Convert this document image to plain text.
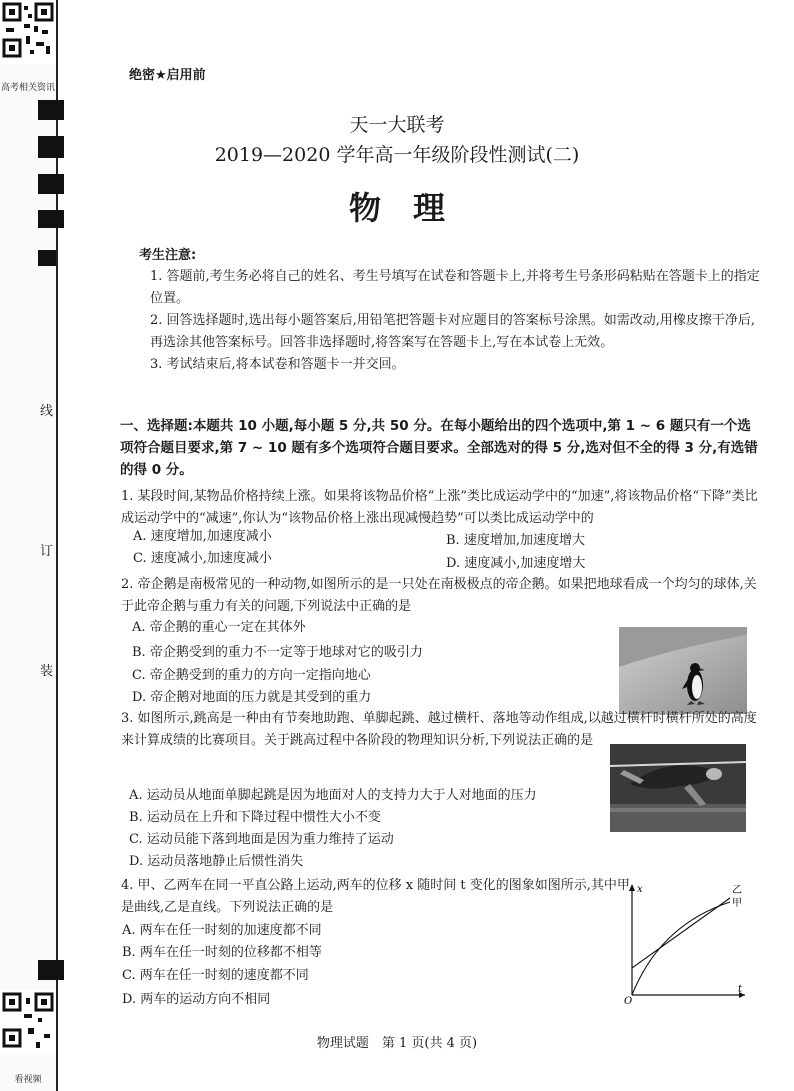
高考相关资讯
线
订
装
看视频
绝密★启用前
天一大联考
2019—2020 学年高一年级阶段性测试(二)
物　理
考生注意:
1. 答题前,考生务必将自己的姓名、考生号填写在试卷和答题卡上,并将考生号条形码粘贴在答题卡上的指定位置。
2. 回答选择题时,选出每小题答案后,用铅笔把答题卡对应题目的答案标号涂黑。如需改动,用橡皮擦干净后,再选涂其他答案标号。回答非选择题时,将答案写在答题卡上,写在本试卷上无效。
3. 考试结束后,将本试卷和答题卡一并交回。
一、选择题:本题共 10 小题,每小题 5 分,共 50 分。在每小题给出的四个选项中,第 1 ~ 6 题只有一个选项符合题目要求,第 7 ~ 10 题有多个选项符合题目要求。全部选对的得 5 分,选对但不全的得 3 分,有选错的得 0 分。
1. 某段时间,某物品价格持续上涨。如果将该物品价格“上涨”类比成运动学中的“加速”,将该物品价格“下降”类比成运动学中的“减速”,你认为“该物品价格上涨出现减慢趋势”可以类比成运动学中的
A. 速度增加,加速度减小	B. 速度增加,加速度增大
C. 速度减小,加速度减小	D. 速度减小,加速度增大
2. 帝企鹅是南极常见的一种动物,如图所示的是一只处在南极极点的帝企鹅。如果把地球看成一个均匀的球体,关于此帝企鹅与重力有关的问题,下列说法中正确的是
A. 帝企鹅的重心一定在其体外
B. 帝企鹅受到的重力不一定等于地球对它的吸引力
C. 帝企鹅受到的重力的方向一定指向地心
D. 帝企鹅对地面的压力就是其受到的重力
3. 如图所示,跳高是一种由有节奏地助跑、单脚起跳、越过横杆、落地等动作组成,以越过横杆时横杆所处的高度来计算成绩的比赛项目。关于跳高过程中各阶段的物理知识分析,下列说法正确的是
A. 运动员从地面单脚起跳是因为地面对人的支持力大于人对地面的压力
B. 运动员在上升和下降过程中惯性大小不变
C. 运动员能下落到地面是因为重力维持了运动
D. 运动员落地静止后惯性消失
4. 甲、乙两车在同一平直公路上运动,两车的位移 x 随时间 t 变化的图象如图所示,其中甲是曲线,乙是直线。下列说法正确的是
A. 两车在任一时刻的加速度都不同
B. 两车在任一时刻的位移都不相等
C. 两车在任一时刻的速度都不同
D. 两车的运动方向不相同
x
t
O
乙
甲
物理试题　第 1 页(共 4 页)
